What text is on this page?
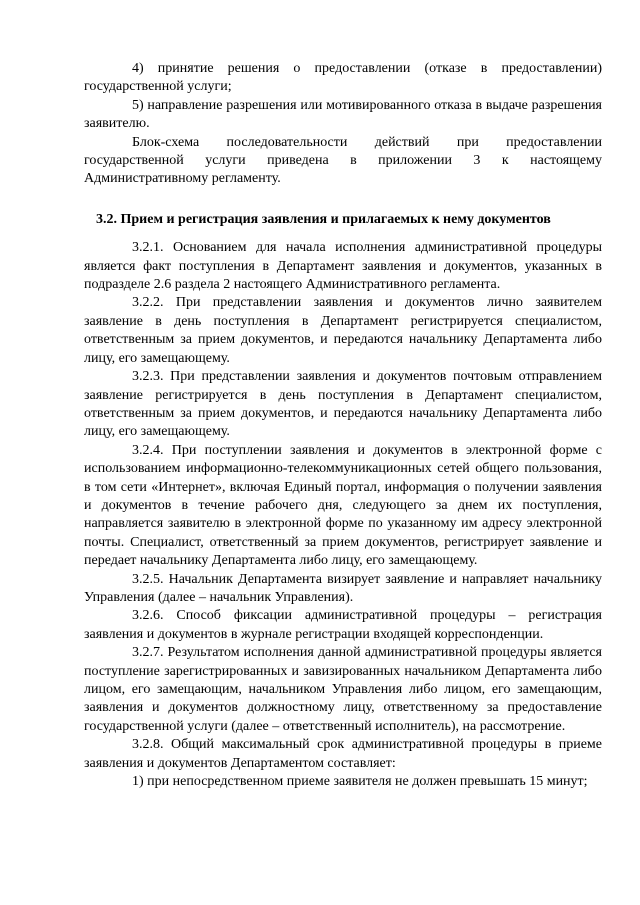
4) принятие решения о предоставлении (отказе в предоставлении) государственной услуги;

5) направление разрешения или мотивированного отказа в выдаче разрешения заявителю.

Блок-схема последовательности действий при предоставлении государственной услуги приведена в приложении 3 к настоящему Административному регламенту.

3.2. Прием и регистрация заявления и прилагаемых к нему документов

3.2.1. Основанием для начала исполнения административной процедуры является факт поступления в Департамент заявления и документов, указанных в подразделе 2.6 раздела 2 настоящего Административного регламента.

3.2.2. При представлении заявления и документов лично заявителем заявление в день поступления в Департамент регистрируется специалистом, ответственным за прием документов, и передаются начальнику Департамента либо лицу, его замещающему.

3.2.3. При представлении заявления и документов почтовым отправлением заявление регистрируется в день поступления в Департамент специалистом, ответственным за прием документов, и передаются начальнику Департамента либо лицу, его замещающему.

3.2.4. При поступлении заявления и документов в электронной форме с использованием информационно-телекоммуникационных сетей общего пользования, в том сети «Интернет», включая Единый портал, информация о получении заявления и документов в течение рабочего дня, следующего за днем их поступления, направляется заявителю в электронной форме по указанному им адресу электронной почты. Специалист, ответственный за прием документов, регистрирует заявление и передает начальнику Департамента либо лицу, его замещающему.

3.2.5. Начальник Департамента визирует заявление и направляет начальнику Управления (далее – начальник Управления).

3.2.6. Способ фиксации административной процедуры – регистрация заявления и документов в журнале регистрации входящей корреспонденции.

3.2.7. Результатом исполнения данной административной процедуры является поступление зарегистрированных и завизированных начальником Департамента либо лицом, его замещающим, начальником Управления либо лицом, его замещающим, заявления и документов должностному лицу, ответственному за предоставление государственной услуги (далее – ответственный исполнитель), на рассмотрение.

3.2.8. Общий максимальный срок административной процедуры в приеме заявления и документов Департаментом составляет:

1) при непосредственном приеме заявителя не должен превышать 15 минут;
